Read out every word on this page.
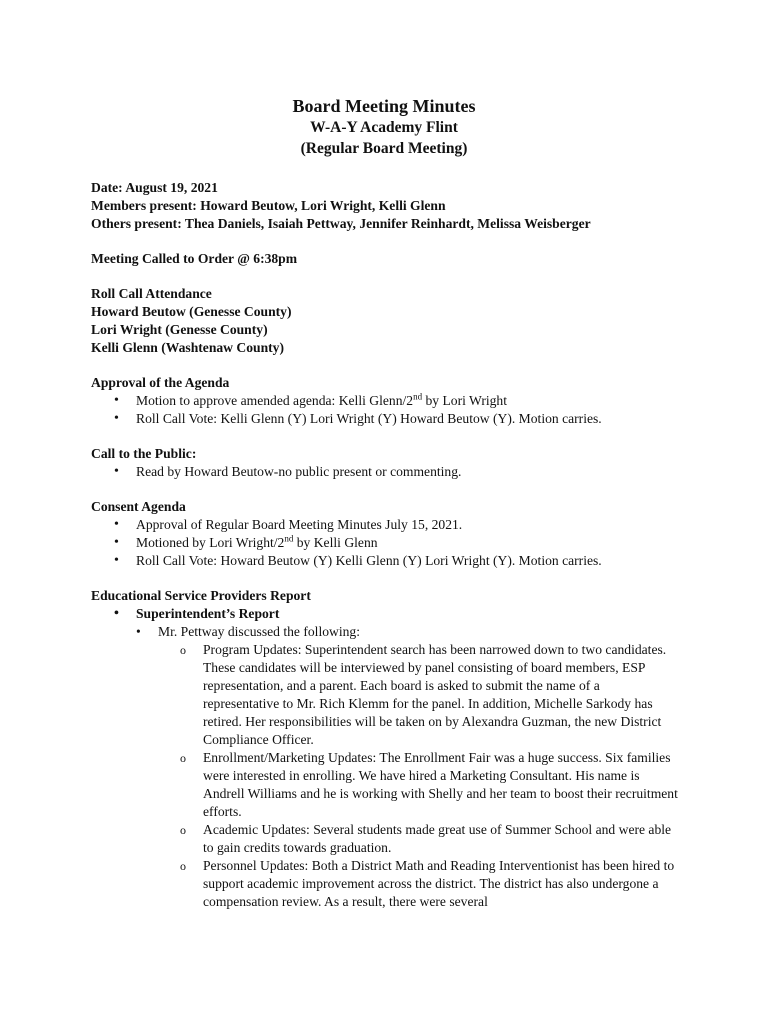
Board Meeting Minutes

W-A-Y Academy Flint

(Regular Board Meeting)

Date: August 19, 2021

Members present: Howard Beutow, Lori Wright, Kelli Glenn

Others present: Thea Daniels, Isaiah Pettway, Jennifer Reinhardt, Melissa Weisberger

Meeting Called to Order @ 6:38pm

Roll Call Attendance

Howard Beutow (Genesse County)

Lori Wright (Genesse County)

Kelli Glenn (Washtenaw County)

Approval of the Agenda

• Motion to approve amended agenda: Kelli Glenn/2nd by Lori Wright
• Roll Call Vote: Kelli Glenn (Y) Lori Wright (Y) Howard Beutow (Y). Motion carries.

Call to the Public:

• Read by Howard Beutow-no public present or commenting.

Consent Agenda

• Approval of Regular Board Meeting Minutes July 15, 2021.
• Motioned by Lori Wright/2nd by Kelli Glenn
• Roll Call Vote: Howard Beutow (Y) Kelli Glenn (Y) Lori Wright (Y). Motion carries.

Educational Service Providers Report

• Superintendent’s Report
• Mr. Pettway discussed the following:
o Program Updates: Superintendent search has been narrowed down to two candidates. These candidates will be interviewed by panel consisting of board members, ESP representation, and a parent. Each board is asked to submit the name of a representative to Mr. Rich Klemm for the panel. In addition, Michelle Sarkody has retired. Her responsibilities will be taken on by Alexandra Guzman, the new District Compliance Officer.
o Enrollment/Marketing Updates: The Enrollment Fair was a huge success. Six families were interested in enrolling. We have hired a Marketing Consultant. His name is Andrell Williams and he is working with Shelly and her team to boost their recruitment efforts.
o Academic Updates: Several students made great use of Summer School and were able to gain credits towards graduation.
o Personnel Updates: Both a District Math and Reading Interventionist has been hired to support academic improvement across the district. The district has also undergone a compensation review. As a result, there were several
